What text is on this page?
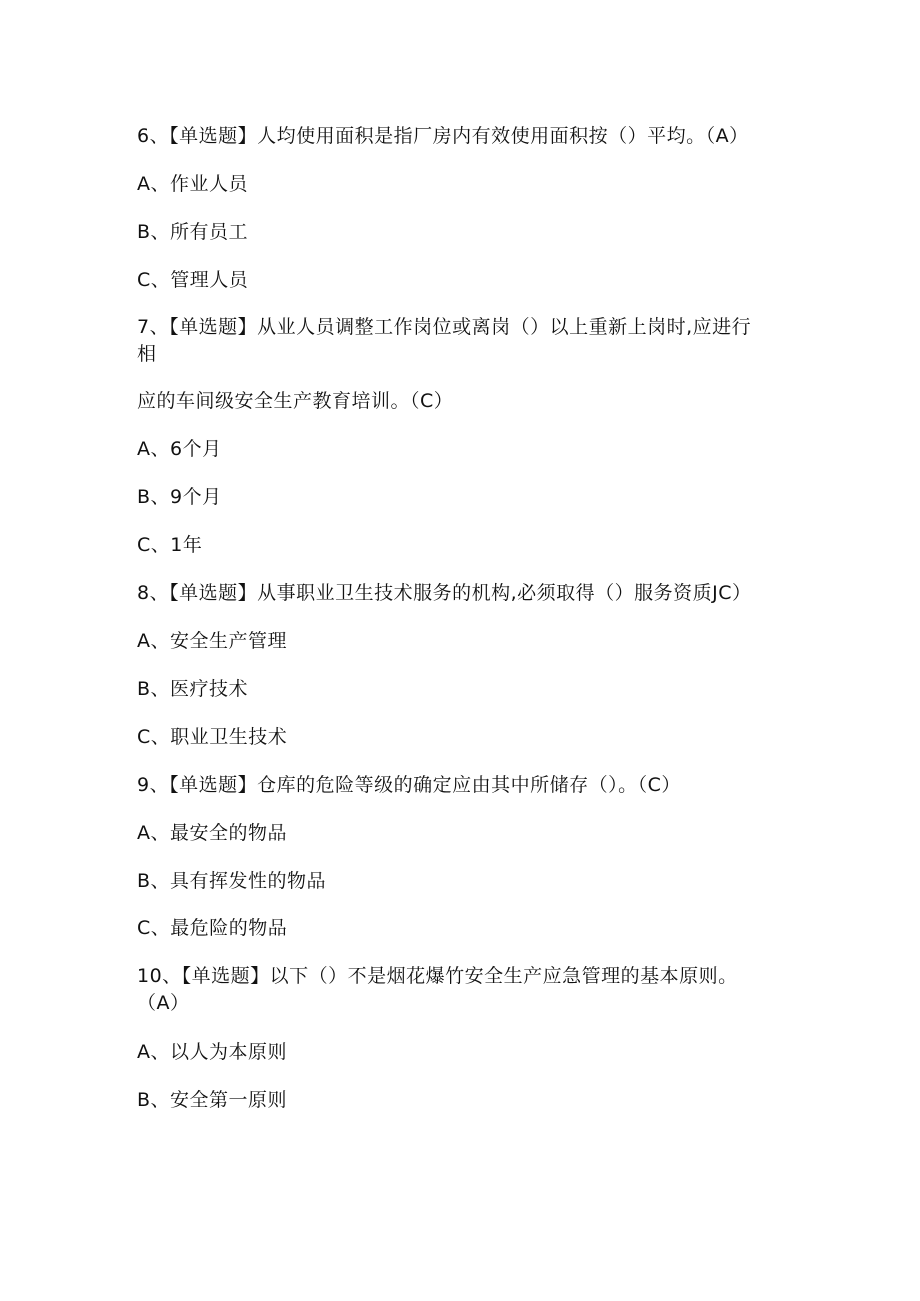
6、【单选题】人均使用面积是指厂房内有效使用面积按（）平均。（A）
A、作业人员
B、所有员工
C、管理人员
7、【单选题】从业人员调整工作岗位或离岗（）以上重新上岗时,应进行
相
应的车间级安全生产教育培训。（C）
A、6个月
B、9个月
C、1年
8、【单选题】从事职业卫生技术服务的机构,必须取得（）服务资质JC）
A、安全生产管理
B、医疗技术
C、职业卫生技术
9、【单选题】仓库的危险等级的确定应由其中所储存（）。（C）
A、最安全的物品
B、具有挥发性的物品
C、最危险的物品
10、【单选题】以下（）不是烟花爆竹安全生产应急管理的基本原则。
（A）
A、以人为本原则
B、安全第一原则
